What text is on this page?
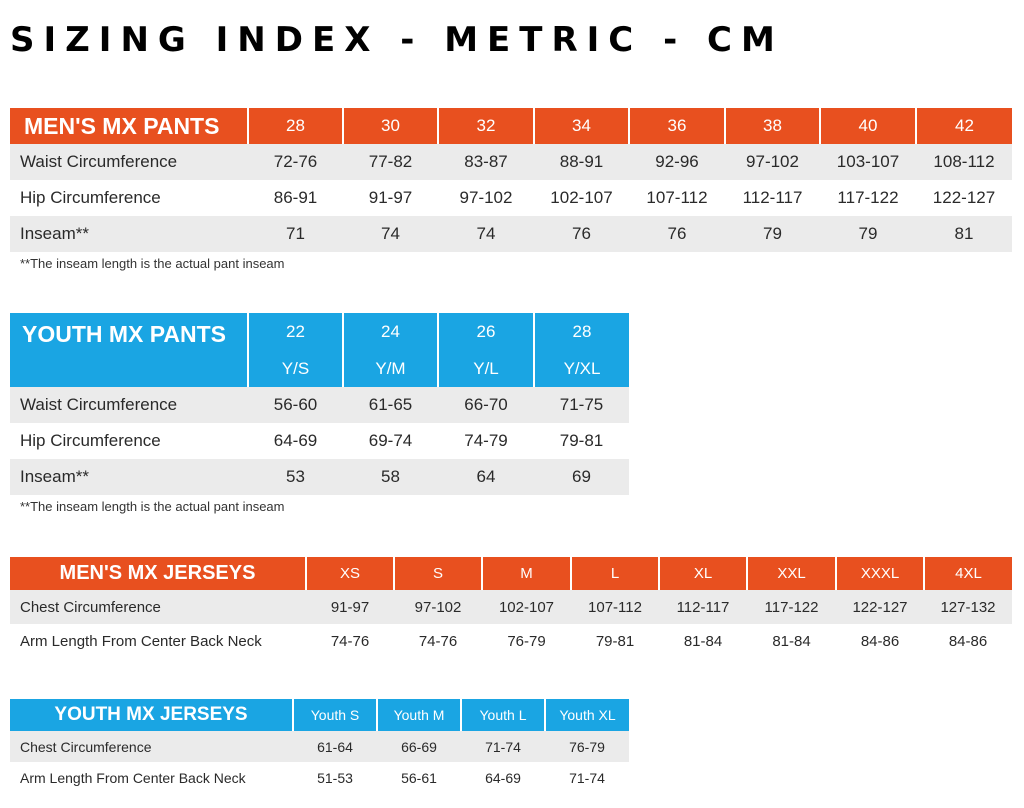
SIZING INDEX - METRIC - CM
MEN'S MX PANTS	28	30	32	34	36	38	40	42
Waist Circumference	72-76	77-82	83-87	88-91	92-96	97-102	103-107	108-112
Hip Circumference	86-91	91-97	97-102	102-107	107-112	112-117	117-122	122-127
Inseam**	71	74	74	76	76	79	79	81
**The inseam length is the actual pant inseam
YOUTH MX PANTS	22	24	26	28
	Y/S	Y/M	Y/L	Y/XL
Waist Circumference	56-60	61-65	66-70	71-75
Hip Circumference	64-69	69-74	74-79	79-81
Inseam**	53	58	64	69
**The inseam length is the actual pant inseam
MEN'S MX JERSEYS	XS	S	M	L	XL	XXL	XXXL	4XL
Chest Circumference	91-97	97-102	102-107	107-112	112-117	117-122	122-127	127-132
Arm Length From Center Back Neck	74-76	74-76	76-79	79-81	81-84	81-84	84-86	84-86
YOUTH MX JERSEYS	Youth S	Youth M	Youth L	Youth XL
Chest Circumference	61-64	66-69	71-74	76-79
Arm Length From Center Back Neck	51-53	56-61	64-69	71-74
